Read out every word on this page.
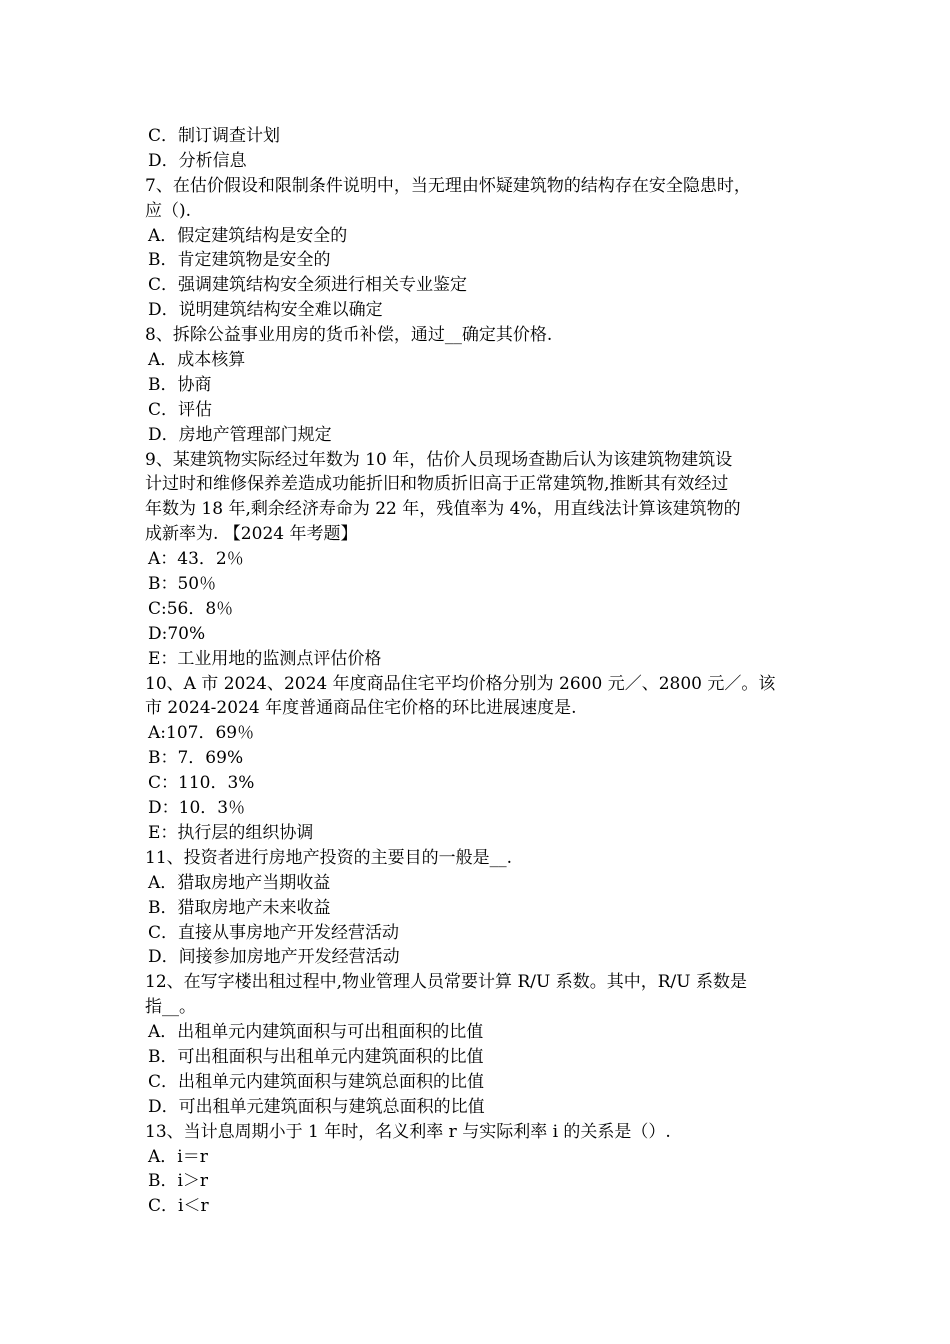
C．制订调查计划
D．分析信息
7、在估价假设和限制条件说明中，当无理由怀疑建筑物的结构存在安全隐患时，
应（).
A．假定建筑结构是安全的
B．肯定建筑物是安全的
C．强调建筑结构安全须进行相关专业鉴定
D．说明建筑结构安全难以确定
8、拆除公益事业用房的货币补偿，通过__确定其价格.
A．成本核算
B．协商
C．评估
D．房地产管理部门规定
9、某建筑物实际经过年数为 10 年，估价人员现场查勘后认为该建筑物建筑设
计过时和维修保养差造成功能折旧和物质折旧高于正常建筑物,推断其有效经过
年数为 18 年,剩余经济寿命为 22 年，残值率为 4%，用直线法计算该建筑物的
成新率为. 【2024 年考题】
A：43．2％
B：50％
C:56．8％
D:70%
E：工业用地的监测点评估价格
10、A 市 2024、2024 年度商品住宅平均价格分别为 2600 元／、2800 元／。该
市 2024-2024 年度普通商品住宅价格的环比进展速度是.
A:107．69％
B：7．69%
C：110．3%
D：10．3％
E：执行层的组织协调
11、投资者进行房地产投资的主要目的一般是__.
A．猎取房地产当期收益
B．猎取房地产未来收益
C．直接从事房地产开发经营活动
D．间接参加房地产开发经营活动
12、在写字楼出租过程中,物业管理人员常要计算 R/U 系数。其中，R/U 系数是
指__。
A．出租单元内建筑面积与可出租面积的比值
B．可出租面积与出租单元内建筑面积的比值
C．出租单元内建筑面积与建筑总面积的比值
D．可出租单元建筑面积与建筑总面积的比值
13、当计息周期小于 1 年时，名义利率 r 与实际利率 i 的关系是（）.
A．i＝r
B．i＞r
C．i＜r
